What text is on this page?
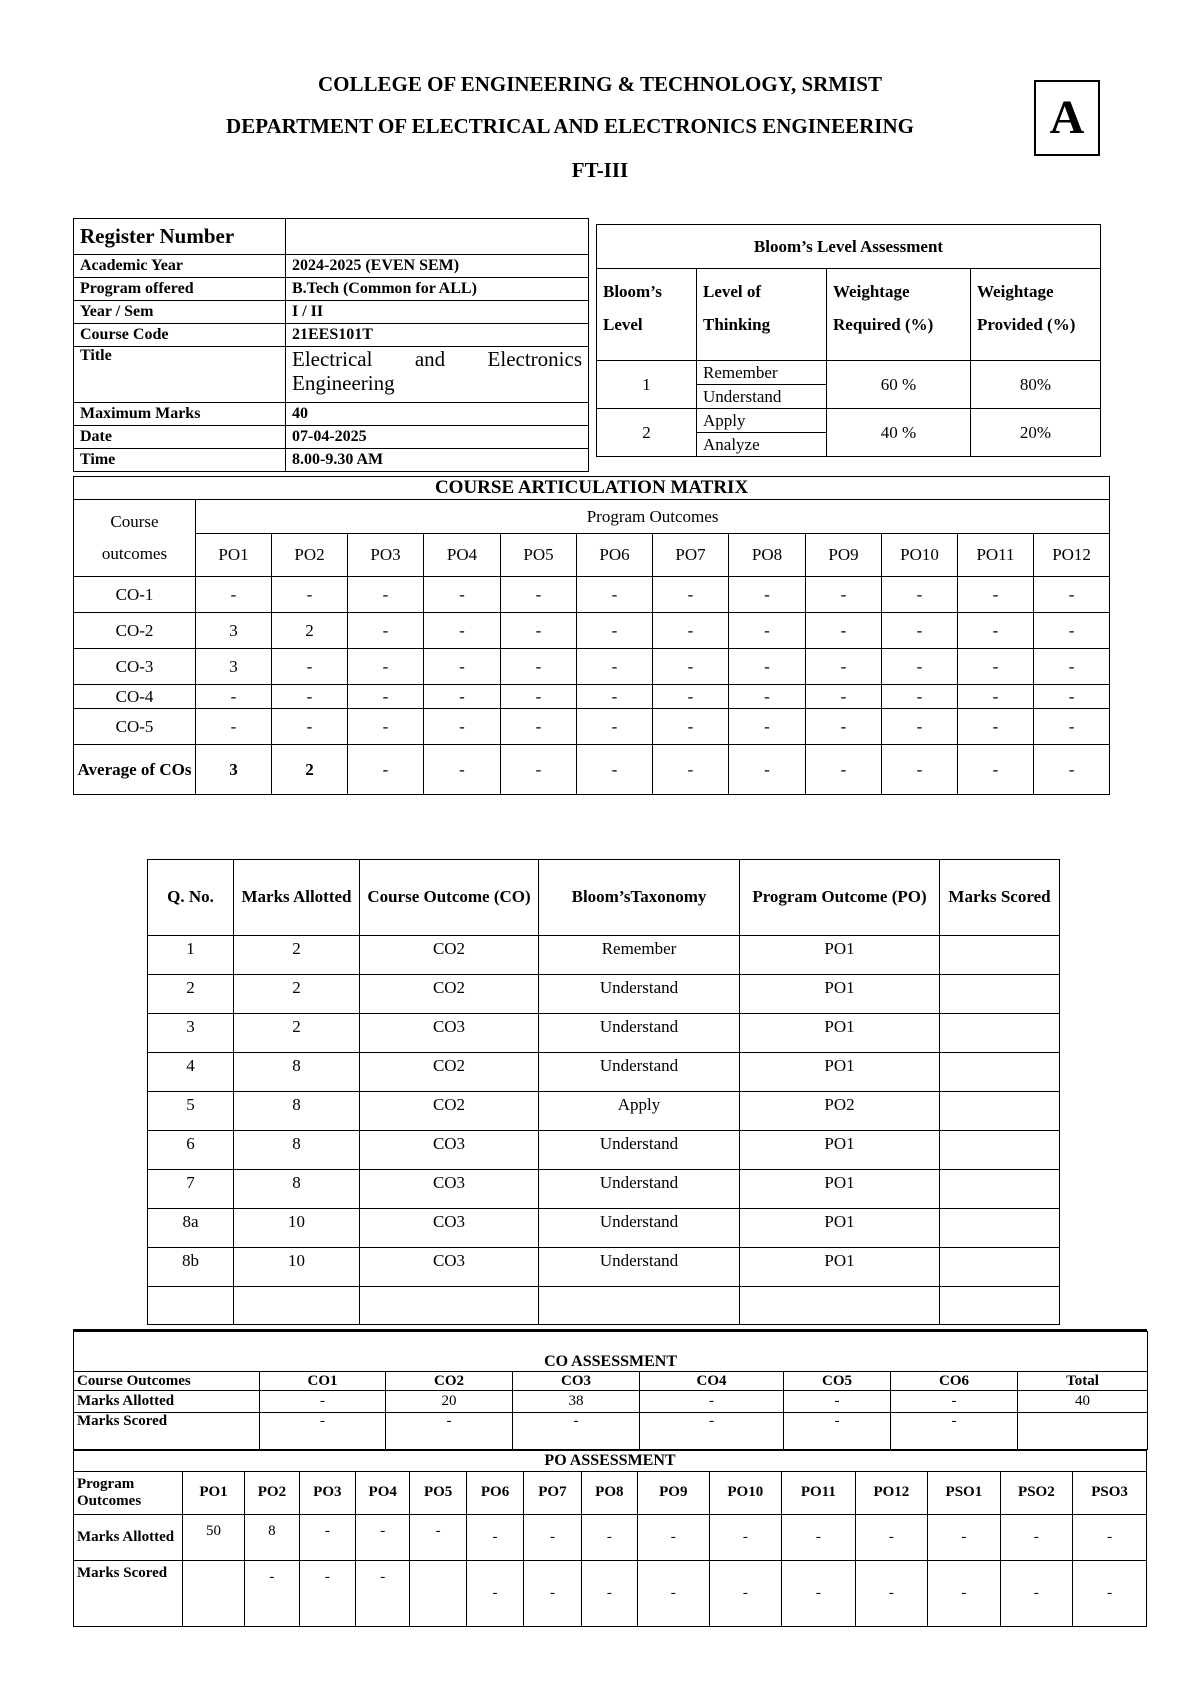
COLLEGE OF ENGINEERING & TECHNOLOGY, SRMIST
DEPARTMENT OF ELECTRICAL AND ELECTRONICS ENGINEERING
FT-III
A
Register Number	
Academic Year	2024-2025 (EVEN SEM)
Program offered	B.Tech (Common for ALL)
Year / Sem	I / II
Course Code	21EES101T
Title	Electrical and Electronics Engineering
Maximum Marks	40
Date	07-04-2025
Time	8.00-9.30 AM
Bloom’s Level Assessment			
Bloom’s Level	Level of Thinking	Weightage Required (%)	Weightage Provided (%)
1	Remember	60 %	80%
	Understand		
2	Apply	40 %	20%
	Analyze		
COURSE ARTICULATION MATRIX												
Course outcomes	Program Outcomes											
	PO1	PO2	PO3	PO4	PO5	PO6	PO7	PO8	PO9	PO10	PO11	PO12
CO-1	-	-	-	-	-	-	-	-	-	-	-	-
CO-2	3	2	-	-	-	-	-	-	-	-	-	-
CO-3	3	-	-	-	-	-	-	-	-	-	-	-
CO-4	-	-	-	-	-	-	-	-	-	-	-	-
CO-5	-	-	-	-	-	-	-	-	-	-	-	-
Average of COs	3	2	-	-	-	-	-	-	-	-	-	-
Q. No.	Marks Allotted	Course Outcome (CO)	Bloom’sTaxonomy	Program Outcome (PO)	Marks Scored
1	2	CO2	Remember	PO1	
2	2	CO2	Understand	PO1	
3	2	CO3	Understand	PO1	
4	8	CO2	Understand	PO1	
5	8	CO2	Apply	PO2	
6	8	CO3	Understand	PO1	
7	8	CO3	Understand	PO1	
8a	10	CO3	Understand	PO1	
8b	10	CO3	Understand	PO1	

CO ASSESSMENT							
Course Outcomes	CO1	CO2	CO3	CO4	CO5	CO6	Total
Marks Allotted	-	20	38	-	-	-	40
Marks Scored	-	-	-	-	-	-	
PO ASSESSMENT															
Program Outcomes	PO1	PO2	PO3	PO4	PO5	PO6	PO7	PO8	PO9	PO10	PO11	PO12	PSO1	PSO2	PSO3
Marks Allotted	50	8	-	-	-	-	-	-	-	-	-	-	-	-	-
Marks Scored		-	-	-		-	-	-	-	-	-	-	-	-	-
